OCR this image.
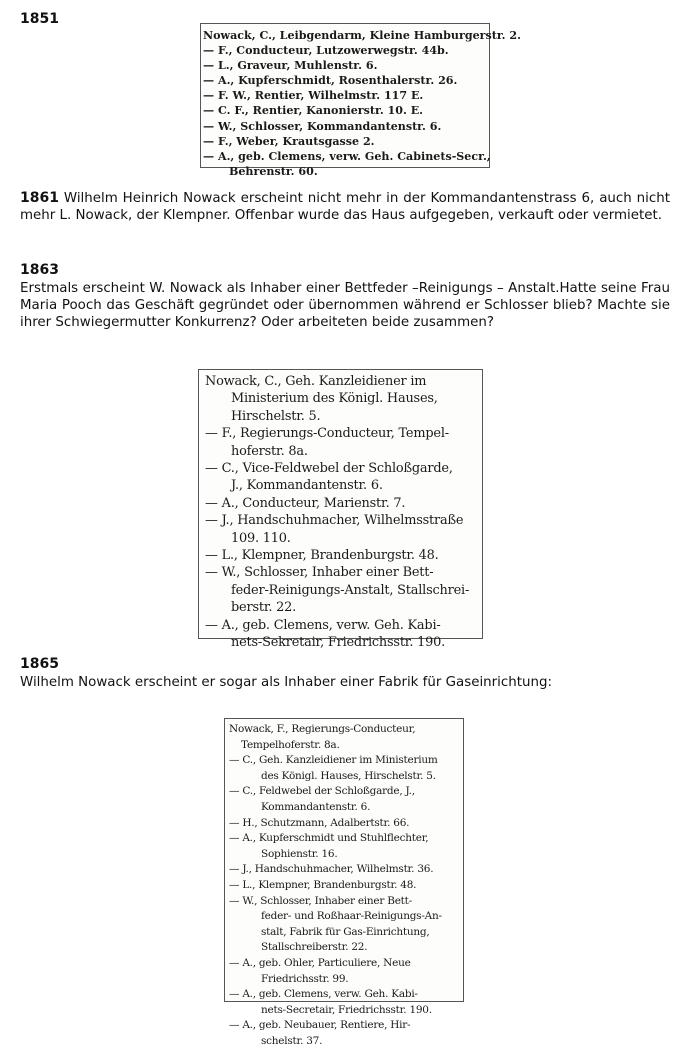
1851
Nowack, C., Leibgendarm, Kleine Hamburgerstr. 2.
— F., Conducteur, Lutzowerwegstr. 44b.
— L., Graveur, Muhlenstr. 6.
— A., Kupferschmidt, Rosenthalerstr. 26.
— F. W., Rentier, Wilhelmstr. 117 E.
— C. F., Rentier, Kanonierstr. 10. E.
— W., Schlosser, Kommandantenstr. 6.
— F., Weber, Krautsgasse 2.
— A., geb. Clemens, verw. Geh. Cabinets-Secr.,
Behrenstr. 60.
1861 Wilhelm Heinrich Nowack erscheint nicht mehr in der Kommandantenstrass 6, auch nicht mehr L. Nowack, der Klempner. Offenbar wurde das Haus aufgegeben, verkauft oder vermietet.
1863
Erstmals erscheint W. Nowack als Inhaber einer Bettfeder –Reinigungs – Anstalt.Hatte seine Frau Maria Pooch das Geschäft gegründet oder übernommen während er Schlosser blieb? Machte sie ihrer Schwiegermutter Konkurrenz? Oder arbeiteten beide zusammen?
Nowack, C., Geh. Kanzleidiener im
Ministerium des Königl. Hauses,
Hirschelstr. 5.
— F., Regierungs-Conducteur, Tempel-
hoferstr. 8a.
— C., Vice-Feldwebel der Schloßgarde,
J., Kommandantenstr. 6.
— A., Conducteur, Marienstr. 7.
— J., Handschuhmacher, Wilhelmsstraße
109. 110.
— L., Klempner, Brandenburgstr. 48.
— W., Schlosser, Inhaber einer Bett-
feder-Reinigungs-Anstalt, Stallschrei-
berstr. 22.
— A., geb. Clemens, verw. Geh. Kabi-
nets-Sekretair, Friedrichsstr. 190.
1865
Wilhelm Nowack erscheint er sogar als Inhaber einer Fabrik für Gaseinrichtung:
Nowack, F., Regierungs-Conducteur,
Tempelhoferstr. 8a.
— C., Geh. Kanzleidiener im Ministerium
des Königl. Hauses, Hirschelstr. 5.
— C., Feldwebel der Schloßgarde, J.,
Kommandantenstr. 6.
— H., Schutzmann, Adalbertstr. 66.
— A., Kupferschmidt und Stuhlflechter,
Sophienstr. 16.
— J., Handschuhmacher, Wilhelmstr. 36.
— L., Klempner, Brandenburgstr. 48.
— W., Schlosser, Inhaber einer Bett-
feder- und Roßhaar-Reinigungs-An-
stalt, Fabrik für Gas-Einrichtung,
Stallschreiberstr. 22.
— A., geb. Ohler, Particuliere, Neue
Friedrichsstr. 99.
— A., geb. Clemens, verw. Geh. Kabi-
nets-Secretair, Friedrichsstr. 190.
— A., geb. Neubauer, Rentiere, Hir-
schelstr. 37.
